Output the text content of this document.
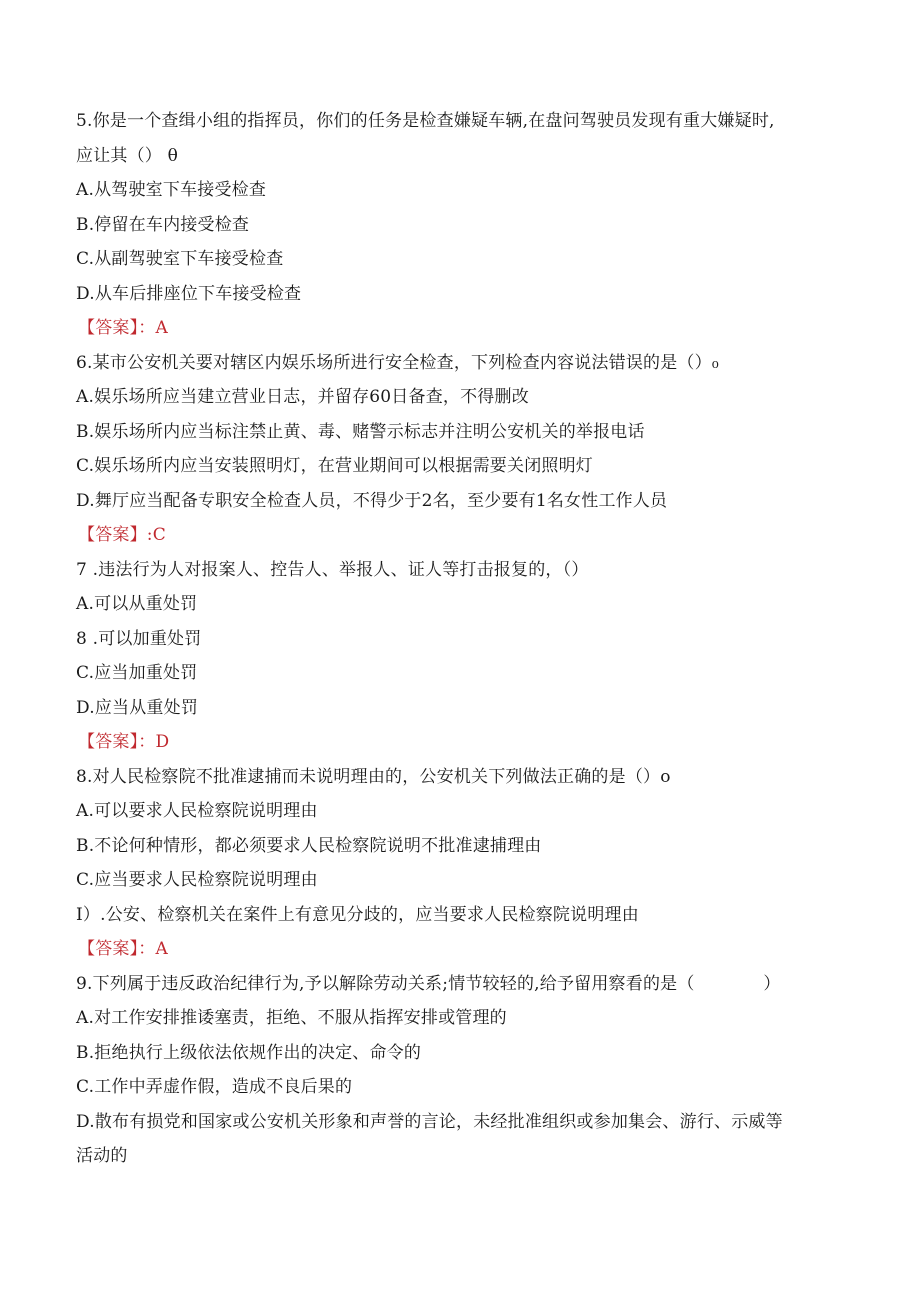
5.你是一个查缉小组的指挥员，你们的任务是检查嫌疑车辆,在盘问驾驶员发现有重大嫌疑时,
应让其（） θ
A.从驾驶室下车接受检查
B.停留在车内接受检查
C.从副驾驶室下车接受检查
D.从车后排座位下车接受检查
【答案】：A
6.某市公安机关要对辖区内娱乐场所进行安全检查，下列检查内容说法错误的是（）₀
A.娱乐场所应当建立营业日志，并留存60日备查，不得删改
B.娱乐场所内应当标注禁止黄、毒、赌警示标志并注明公安机关的举报电话
C.娱乐场所内应当安装照明灯，在营业期间可以根据需要关闭照明灯
D.舞厅应当配备专职安全检查人员，不得少于2名，至少要有1名女性工作人员
【答案】:C
7 .违法行为人对报案人、控告人、举报人、证人等打击报复的，（）
A.可以从重处罚
8 .可以加重处罚
C.应当加重处罚
D.应当从重处罚
【答案】：D
8.对人民检察院不批准逮捕而未说明理由的，公安机关下列做法正确的是（）o
A.可以要求人民检察院说明理由
B.不论何种情形，都必须要求人民检察院说明不批准逮捕理由
C.应当要求人民检察院说明理由
I）.公安、检察机关在案件上有意见分歧的，应当要求人民检察院说明理由
【答案】：A
9.下列属于违反政治纪律行为,予以解除劳动关系;情节较轻的,给予留用察看的是（　　　　）
A.对工作安排推诿塞责，拒绝、不服从指挥安排或管理的
B.拒绝执行上级依法依规作出的决定、命令的
C.工作中弄虚作假，造成不良后果的
D.散布有损党和国家或公安机关形象和声誉的言论，未经批准组织或参加集会、游行、示威等
活动的
